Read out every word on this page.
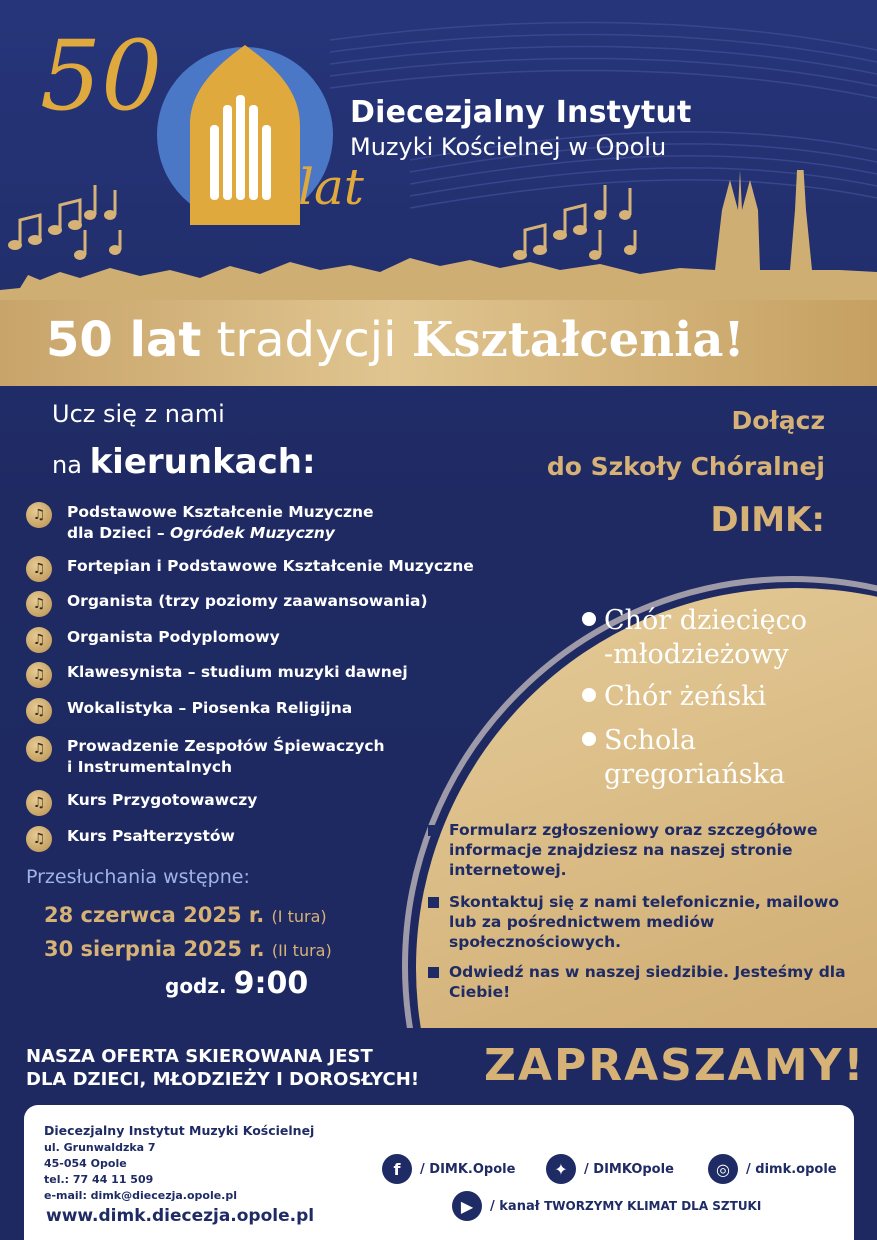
50
lat
Diecezjalny Instytut
Muzyki Kościelnej w Opolu
50 lat tradycji Kształcenia!
Ucz się z nami
na kierunkach:
♫	Podstawowe Kształcenie Muzyczne
dla Dzieci – Ogródek Muzyczny
♫	Fortepian i Podstawowe Kształcenie Muzyczne
♫	Organista (trzy poziomy zaawansowania)
♫	Organista Podyplomowy
♫	Klawesynista – studium muzyki dawnej
♫	Wokalistyka – Piosenka Religijna
♫	Prowadzenie Zespołów Śpiewaczych
i Instrumentalnych
♫	Kurs Przygotowawczy
♫	Kurs Psałterzystów
Dołącz
do Szkoły Chóralnej
DIMK:
Chór dziecięco
-młodzieżowy
Chór żeński
Schola
gregoriańska
Formularz zgłoszeniowy oraz szczegółowe informacje znajdziesz na naszej stronie internetowej.
Skontaktuj się z nami telefonicznie, mailowo lub za pośrednictwem mediów społecznościowych.
Odwiedź nas w naszej siedzibie. Jesteśmy dla Ciebie!
Przesłuchania wstępne:
28 czerwca 2025 r. (I tura)
30 sierpnia 2025 r. (II tura)
godz. 9:00
NASZA OFERTA SKIEROWANA JEST
DLA DZIECI, MŁODZIEŻY I DOROSŁYCH! ZAPRASZAMY!
Diecezjalny Instytut Muzyki Kościelnej
ul. Grunwaldzka 7
45-054 Opole
tel.: 77 44 11 509
e-mail: dimk@diecezja.opole.pl
www.dimk.diecezja.opole.pl
f	/ DIMK.Opole	✦	/ DIMKOpole	◎	/ dimk.opole
▶	/ kanał TWORZYMY KLIMAT DLA SZTUKI
